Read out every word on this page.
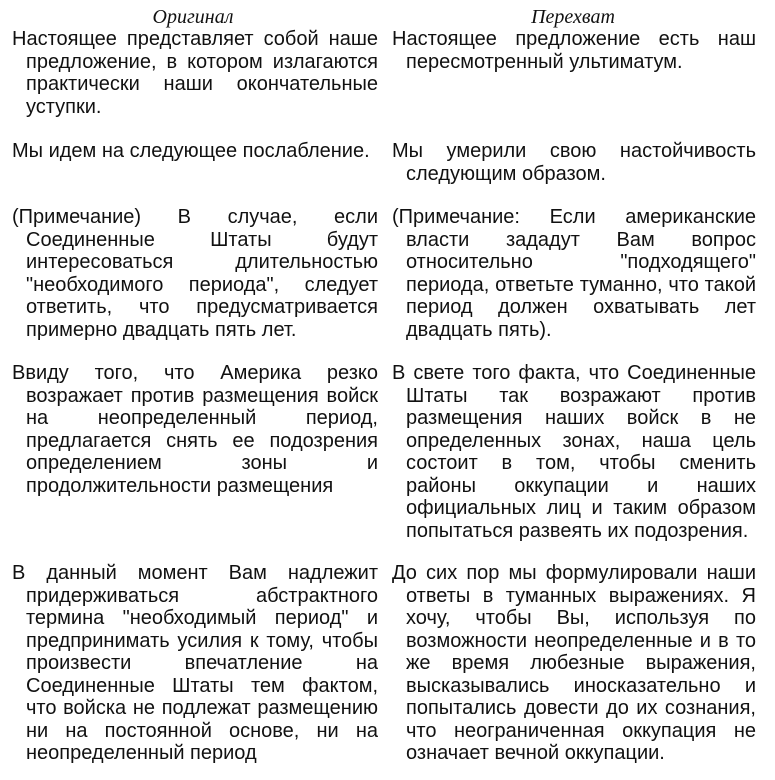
Оригинал	Перехват

Настоящее представляет собой наше предложение, в котором излагаются практически наши окончательные уступки.

Настоящее предложение есть наш пересмотренный ультиматум.

Мы идем на следующее послабление.	Мы умерили свою настойчивость следующим образом.

(Примечание) В случае, если Соединенные Штаты будут интересоваться длительностью "необходимого периода", следует ответить, что предусматривается примерно двадцать пять лет.

(Примечание: Если американские власти зададут Вам вопрос относительно "подходящего" периода, ответьте туманно, что такой период должен охватывать лет двадцать пять).

Ввиду того, что Америка резко возражает против размещения войск на неопределенный период, предлагается снять ее подозрения определением зоны и продолжительности размещения

В свете того факта, что Соединенные Штаты так возражают против размещения наших войск в не определенных зонах, наша цель состоит в том, чтобы сменить районы оккупации и наших официальных лиц и таким образом попытаться развеять их подозрения.

В данный момент Вам надлежит придерживаться абстрактного термина "необходимый период" и предпринимать усилия к тому, чтобы произвести впечатление на Соединенные Штаты тем фактом, что войска не подлежат размещению ни на постоянной основе, ни на неопределенный период

До сих пор мы формулировали наши ответы в туманных выражениях. Я хочу, чтобы Вы, используя по возможности неопределенные и в то же время любезные выражения, высказывались иносказательно и попытались довести до их сознания, что неограниченная оккупация не означает вечной оккупации.
